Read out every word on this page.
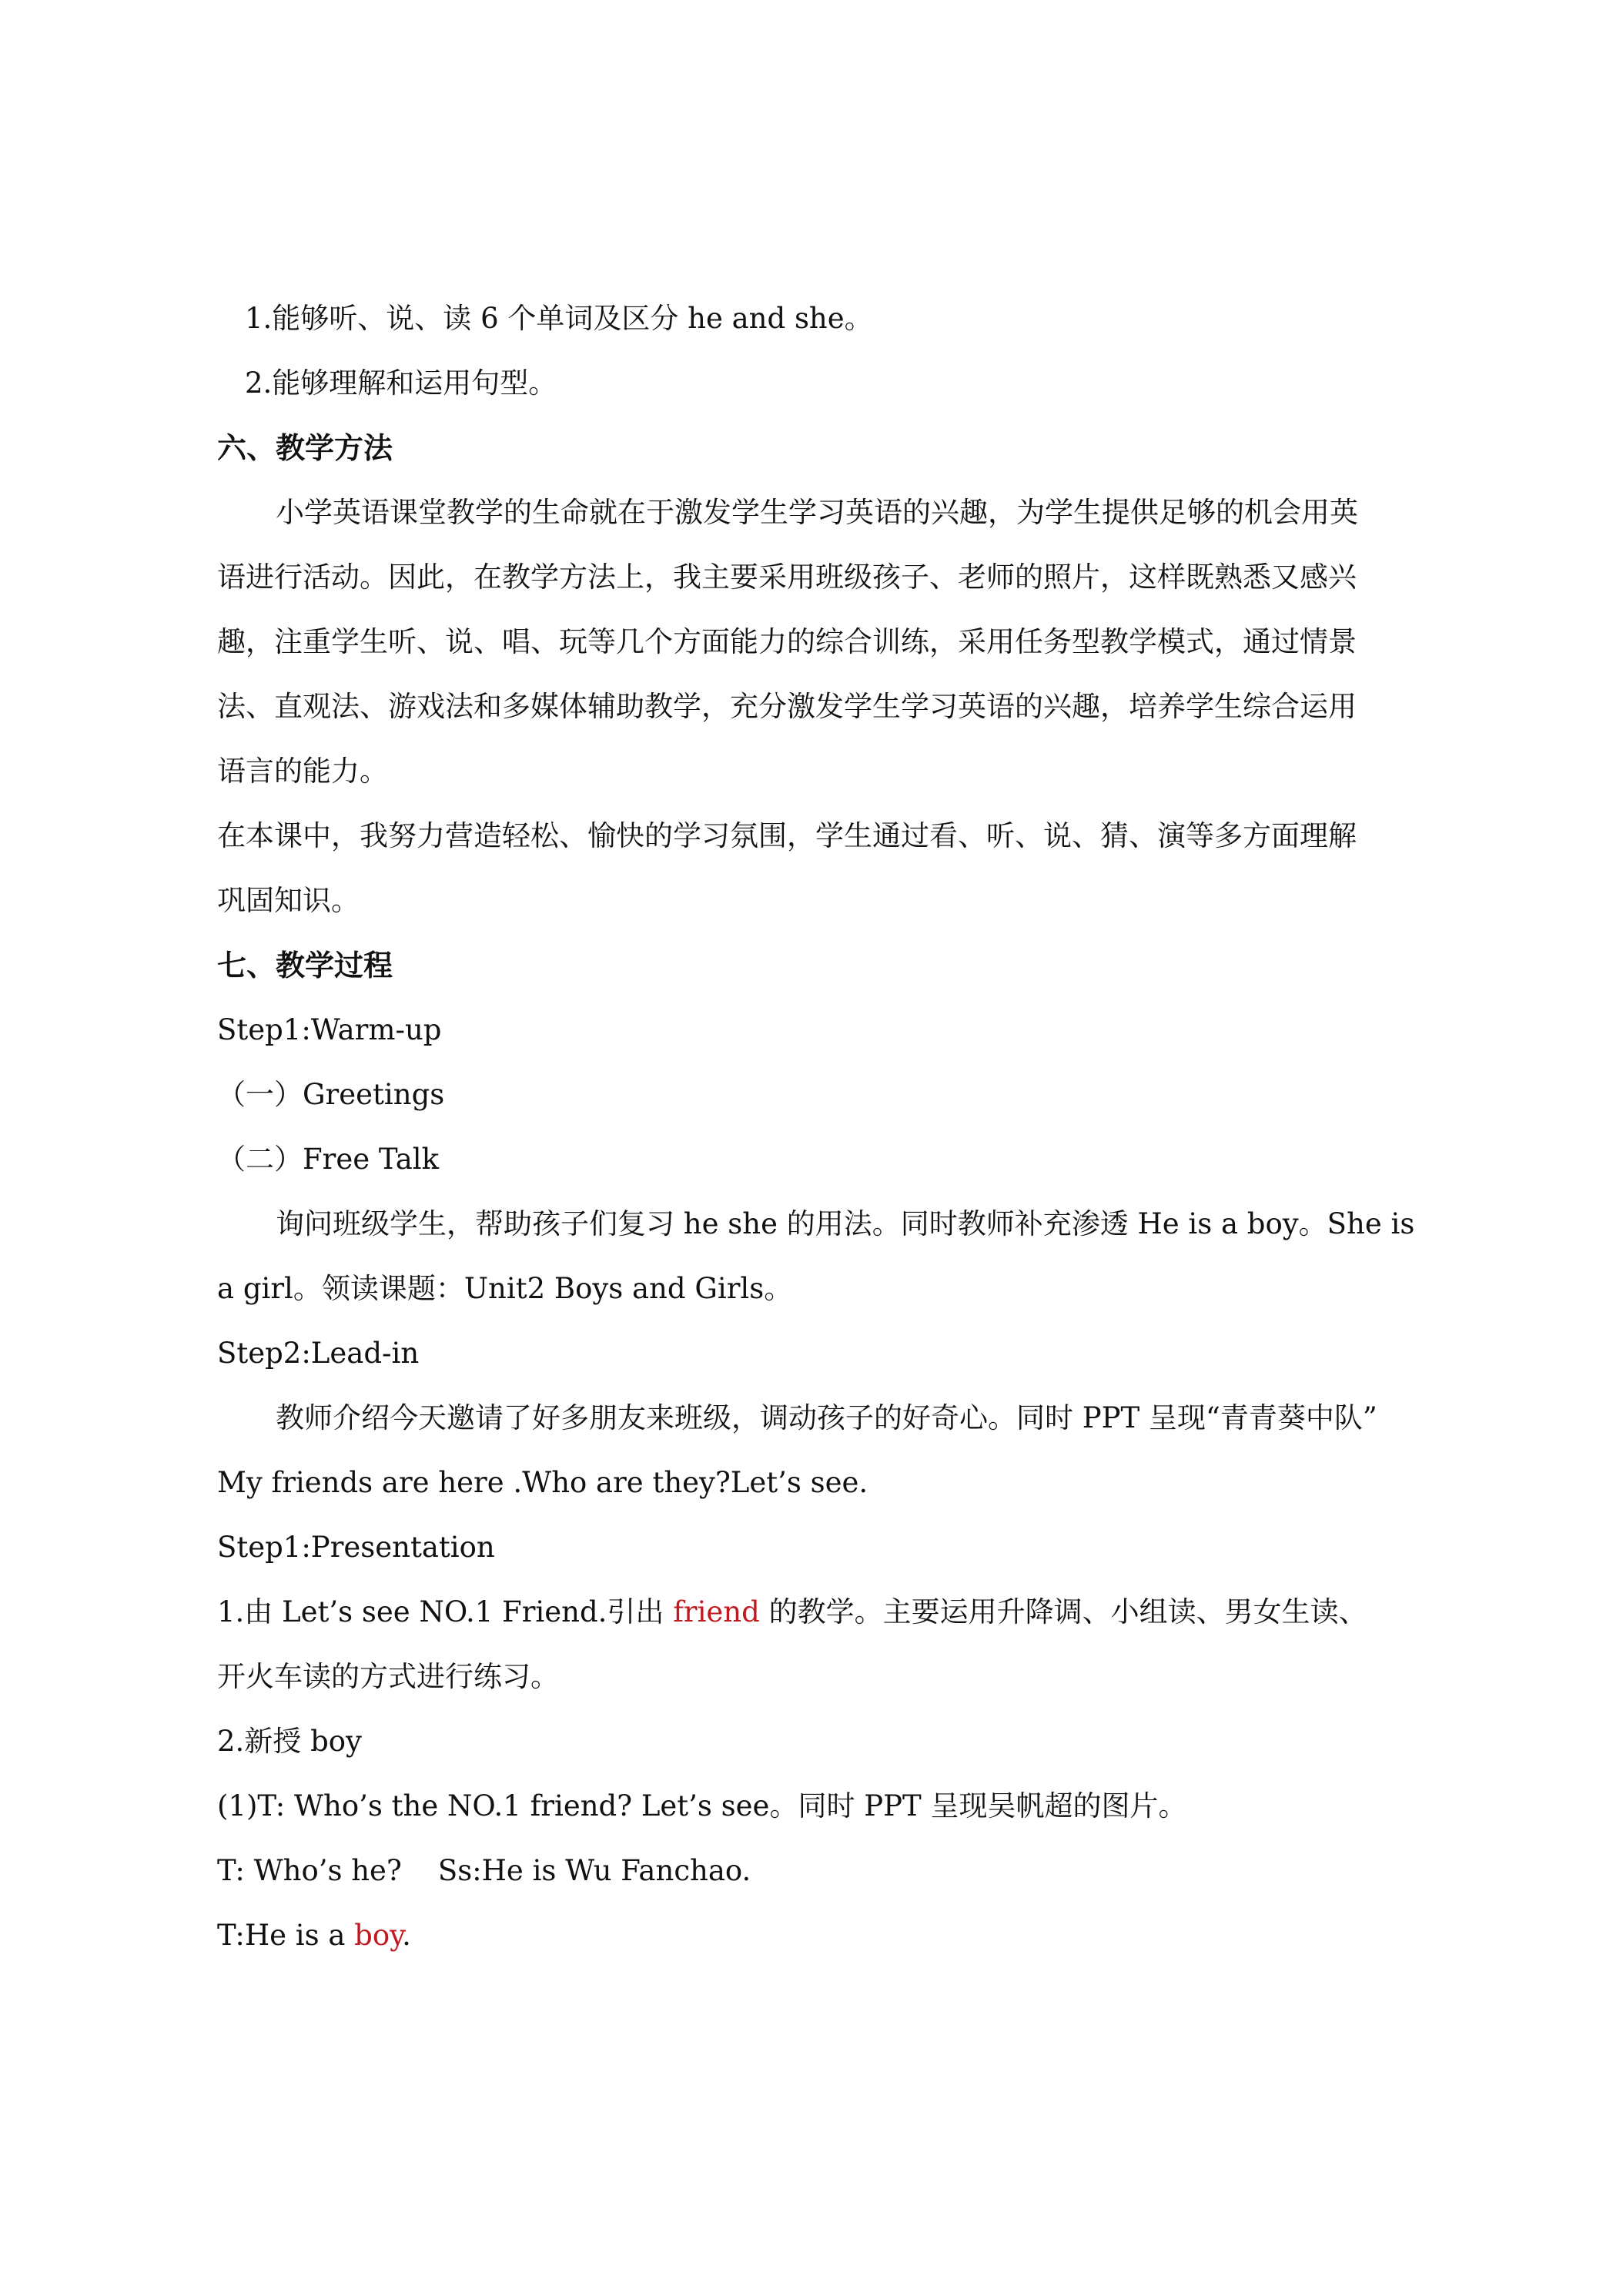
1.能够听、说、读 6 个单词及区分 he and she。
2.能够理解和运用句型。
六、教学方法
小学英语课堂教学的生命就在于激发学生学习英语的兴趣，为学生提供足够的机会用英
语进行活动。因此，在教学方法上，我主要采用班级孩子、老师的照片，这样既熟悉又感兴
趣，注重学生听、说、唱、玩等几个方面能力的综合训练，采用任务型教学模式，通过情景
法、直观法、游戏法和多媒体辅助教学，充分激发学生学习英语的兴趣，培养学生综合运用
语言的能力。
在本课中，我努力营造轻松、愉快的学习氛围，学生通过看、听、说、猜、演等多方面理解
巩固知识。
七、教学过程
Step1:Warm-up
（一）Greetings
（二）Free Talk
询问班级学生，帮助孩子们复习 he she 的用法。同时教师补充渗透 He is a boy。She is
a girl。领读课题：Unit2 Boys and Girls。
Step2:Lead-in
教师介绍今天邀请了好多朋友来班级，调动孩子的好奇心。同时 PPT 呈现“青青葵中队”
My friends are here .Who are they?Let’s see.
Step1:Presentation
1.由 Let’s see NO.1 Friend.引出 friend 的教学。主要运用升降调、小组读、男女生读、
开火车读的方式进行练习。
2.新授 boy
(1)T: Who’s the NO.1 friend? Let’s see。同时 PPT 呈现吴帆超的图片。
T: Who’s he?    Ss:He is Wu Fanchao.
T:He is a boy.
